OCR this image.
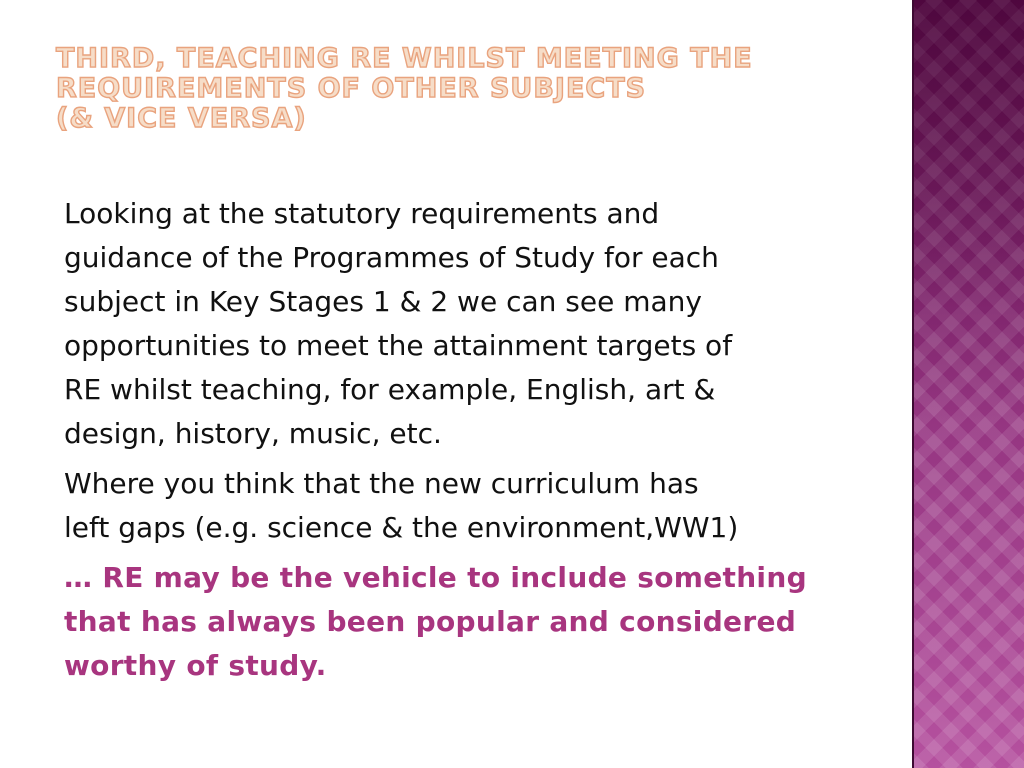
THIRD, TEACHING RE WHILST MEETING THE
REQUIREMENTS OF OTHER SUBJECTS
(& VICE VERSA)

Looking at the statutory requirements and
guidance of the Programmes of Study for each
subject in Key Stages 1 & 2 we can see many
opportunities to meet the attainment targets of
RE whilst teaching, for example, English, art &
design, history, music, etc.

Where you think that the new curriculum has
left gaps (e.g. science & the environment,WW1)

… RE may be the vehicle to include something
that has always been popular and considered
worthy of study.
